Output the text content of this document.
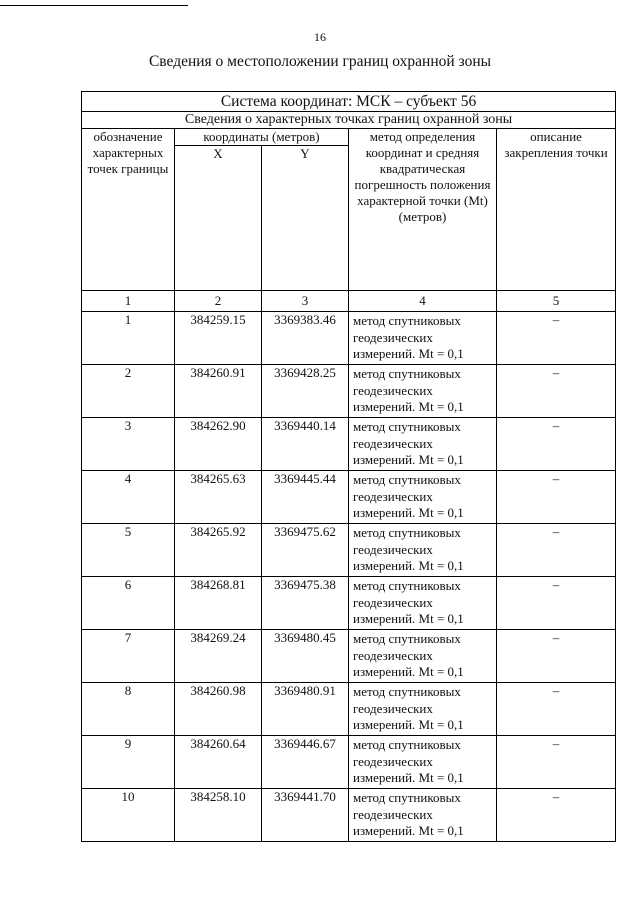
16
Сведения о местоположении границ охранной зоны
Система координат: МСК – субъект 56				
Сведения о характерных точках границ охранной зоны				
обозначение характерных точек границы	координаты (метров)		метод определения координат и средняя квадратическая погрешность положения характерной точки (Mt) (метров)	описание закрепления точки
	X	Y		
1	2	3	4	5
1	384259.15	3369383.46	метод спутниковых геодезических измерений. Mt = 0,1	–
2	384260.91	3369428.25	метод спутниковых геодезических измерений. Mt = 0,1	–
3	384262.90	3369440.14	метод спутниковых геодезических измерений. Mt = 0,1	–
4	384265.63	3369445.44	метод спутниковых геодезических измерений. Mt = 0,1	–
5	384265.92	3369475.62	метод спутниковых геодезических измерений. Mt = 0,1	–
6	384268.81	3369475.38	метод спутниковых геодезических измерений. Mt = 0,1	–
7	384269.24	3369480.45	метод спутниковых геодезических измерений. Mt = 0,1	–
8	384260.98	3369480.91	метод спутниковых геодезических измерений. Mt = 0,1	–
9	384260.64	3369446.67	метод спутниковых геодезических измерений. Mt = 0,1	–
10	384258.10	3369441.70	метод спутниковых геодезических измерений. Mt = 0,1	–
